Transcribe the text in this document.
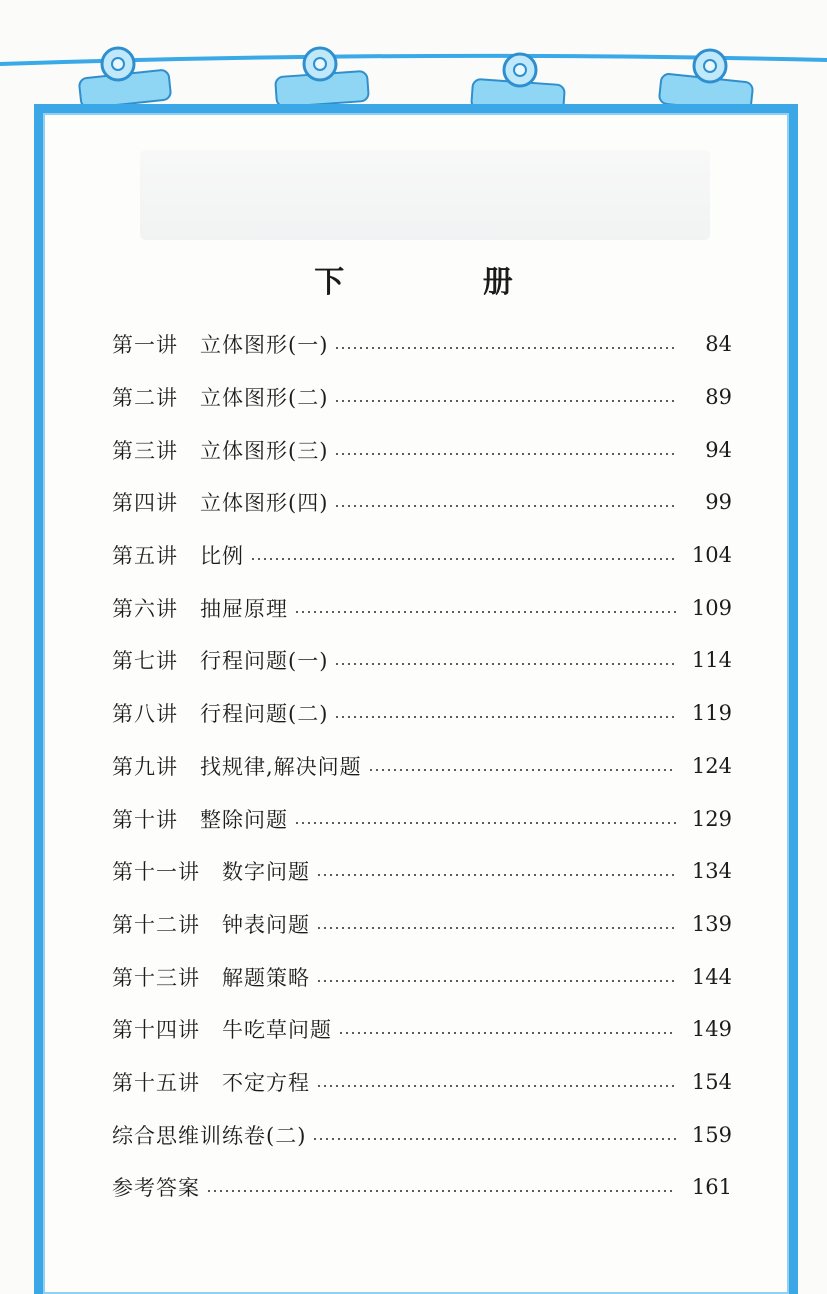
下 册
第一讲　立体图形(一)	84
第二讲　立体图形(二)	89
第三讲　立体图形(三)	94
第四讲　立体图形(四)	99
第五讲　比例	104
第六讲　抽屉原理	109
第七讲　行程问题(一)	114
第八讲　行程问题(二)	119
第九讲　找规律,解决问题	124
第十讲　整除问题	129
第十一讲　数字问题	134
第十二讲　钟表问题	139
第十三讲　解题策略	144
第十四讲　牛吃草问题	149
第十五讲　不定方程	154
综合思维训练卷(二)	159
参考答案	161
